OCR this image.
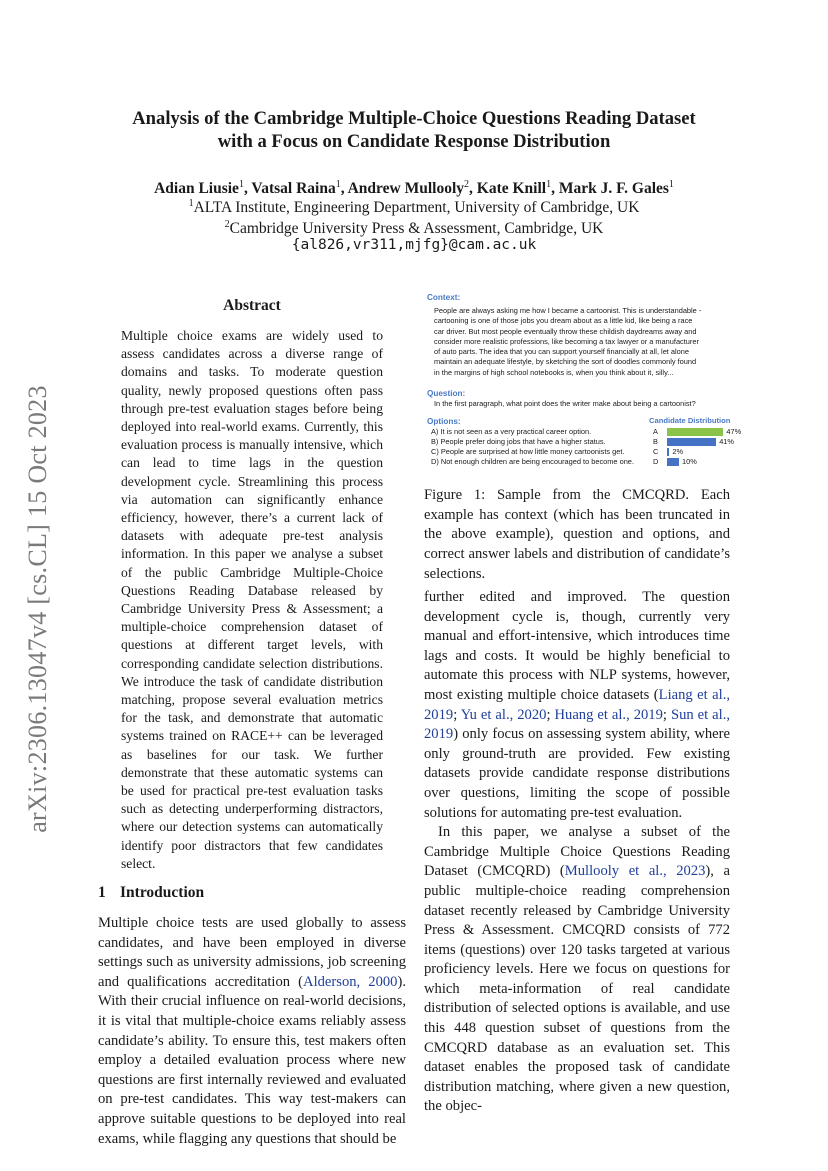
arXiv:2306.13047v4 [cs.CL] 15 Oct 2023
Analysis of the Cambridge Multiple-Choice Questions Reading Dataset
with a Focus on Candidate Response Distribution
Adian Liusie$^1$, Vatsal Raina$^1$, Andrew Mullooly$^2$, Kate Knill$^1$, Mark J. F. Gales$^1$
$^1$ALTA Institute, Engineering Department, University of Cambridge, UK
$^2$Cambridge University Press & Assessment, Cambridge, UK
{al826,vr311,mjfg}@cam.ac.uk
Abstract

Multiple choice exams are widely used to assess candidates across a diverse range of domains and tasks. To moderate question quality, newly proposed questions often pass through pre-test evaluation stages before being deployed into real-world exams. Currently, this evaluation process is manually intensive, which can lead to time lags in the question development cycle. Streamlining this process via automation can significantly enhance efficiency, however, there’s a current lack of datasets with adequate pre-test analysis information. In this paper we analyse a subset of the public Cambridge Multiple-Choice Questions Reading Database released by Cambridge University Press & Assessment; a multiple-choice comprehension dataset of questions at different target levels, with corresponding candidate selection distributions. We introduce the task of candidate distribution matching, propose several evaluation metrics for the task, and demonstrate that automatic systems trained on RACE++ can be leveraged as baselines for our task. We further demonstrate that these automatic systems can be used for practical pre-test evaluation tasks such as detecting underperforming distractors, where our detection systems can automatically identify poor distractors that few candidates select.

1 Introduction

Multiple choice tests are used globally to assess candidates, and have been employed in diverse settings such as university admissions, job screening and qualifications accreditation (Alderson, 2000). With their crucial influence on real-world decisions, it is vital that multiple-choice exams reliably assess candidate’s ability. To ensure this, test makers often employ a detailed evaluation process where new questions are first internally reviewed and evaluated on pre-test candidates. This way test-makers can approve suitable questions to be deployed into real exams, while flagging any questions that should be

Context:
People are always asking me how I became a cartoonist. This is understandable -
cartooning is one of those jobs you dream about as a little kid, like being a race
car driver. But most people eventually throw these childish daydreams away and
consider more realistic professions, like becoming a tax lawyer or a manufacturer
of auto parts. The idea that you can support yourself financially at all, let alone
maintain an adequate lifestyle, by sketching the sort of doodles commonly found
in the margins of high school notebooks is, when you think about it, silly...
Question:
In the first paragraph, what point does the writer make about being a cartoonist?
Options:
A) It is not seen as a very practical career option.
B) People prefer doing jobs that have a higher status.
C) People are surprised at how little money cartoonists get.
D) Not enough children are being encouraged to become one.
Candidate Distribution
A	47%
B	41%
C	2%
D	10%

Figure 1: Sample from the CMCQRD. Each example has context (which has been truncated in the above example), question and options, and correct answer labels and distribution of candidate’s selections.

further edited and improved. The question development cycle is, though, currently very manual and effort-intensive, which introduces time lags and costs. It would be highly beneficial to automate this process with NLP systems, however, most existing multiple choice datasets (Liang et al., 2019; Yu et al., 2020; Huang et al., 2019; Sun et al., 2019) only focus on assessing system ability, where only ground-truth are provided. Few existing datasets provide candidate response distributions over questions, limiting the scope of possible solutions for automating pre-test evaluation.

In this paper, we analyse a subset of the Cambridge Multiple Choice Questions Reading Dataset (CMCQRD) (Mullooly et al., 2023), a public multiple-choice reading comprehension dataset recently released by Cambridge University Press & Assessment. CMCQRD consists of 772 items (questions) over 120 tasks targeted at various proficiency levels. Here we focus on questions for which meta-information of real candidate distribution of selected options is available, and use this 448 question subset of questions from the CMCQRD database as an evaluation set. This dataset enables the proposed task of candidate distribution matching, where given a new question, the objec-
